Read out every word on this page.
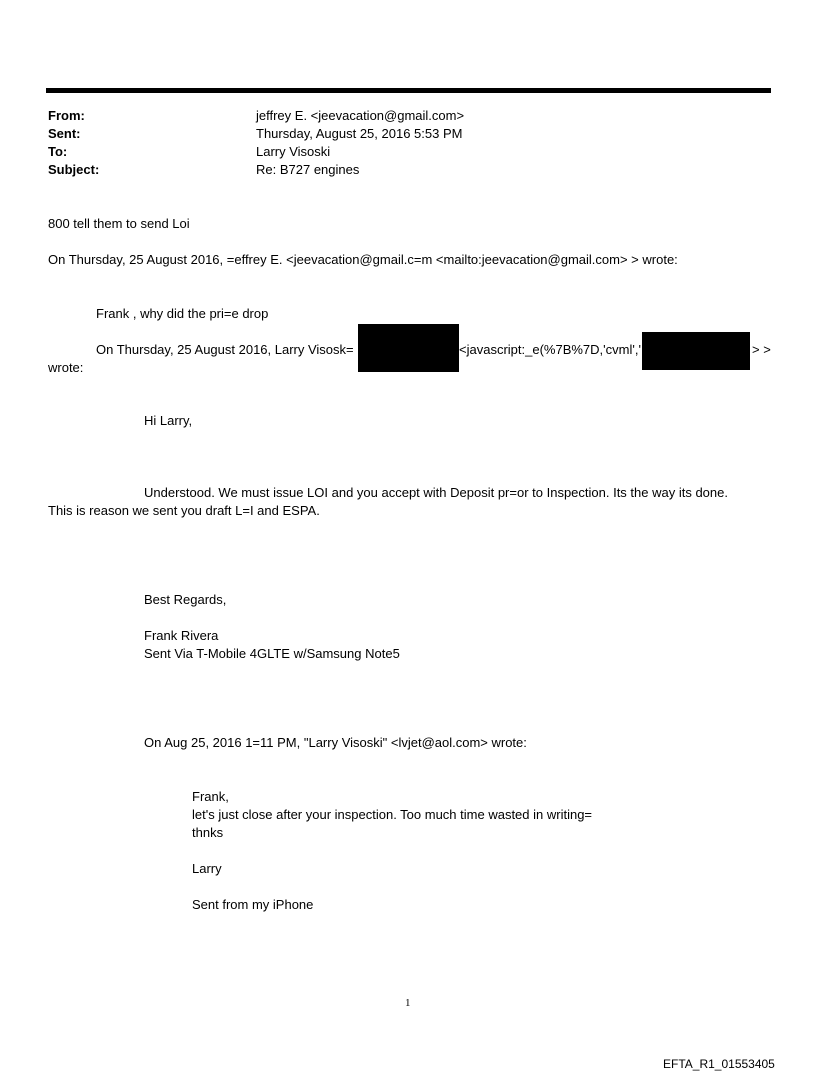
From:	jeffrey E. <jeevacation@gmail.com>
Sent:	Thursday, August 25, 2016 5:53 PM
To:	Larry Visoski
Subject:	Re: B727 engines
800 tell them to send Loi
On Thursday, 25 August 2016, =effrey E. <jeevacation@gmail.c=m <mailto:jeevacation@gmail.com> > wrote:
Frank , why did the pri=e drop
On Thursday, 25 August 2016, Larry Visosk=	<javascript:_e(%7B%7D,'cvml','	> >
wrote:
Hi Larry,
Understood. We must issue LOI and you accept with Deposit pr=or to Inspection. Its the way its done.
This is reason we sent you draft L=I and ESPA.
Best Regards,
Frank Rivera
Sent Via T-Mobile 4GLTE w/Samsung Note5
On Aug 25, 2016 1=11 PM, "Larry Visoski" <lvjet@aol.com> wrote:
Frank,
let's just close after your inspection. Too much time wasted in writing=
thnks
Larry
Sent from my iPhone
1
EFTA_R1_01553405
